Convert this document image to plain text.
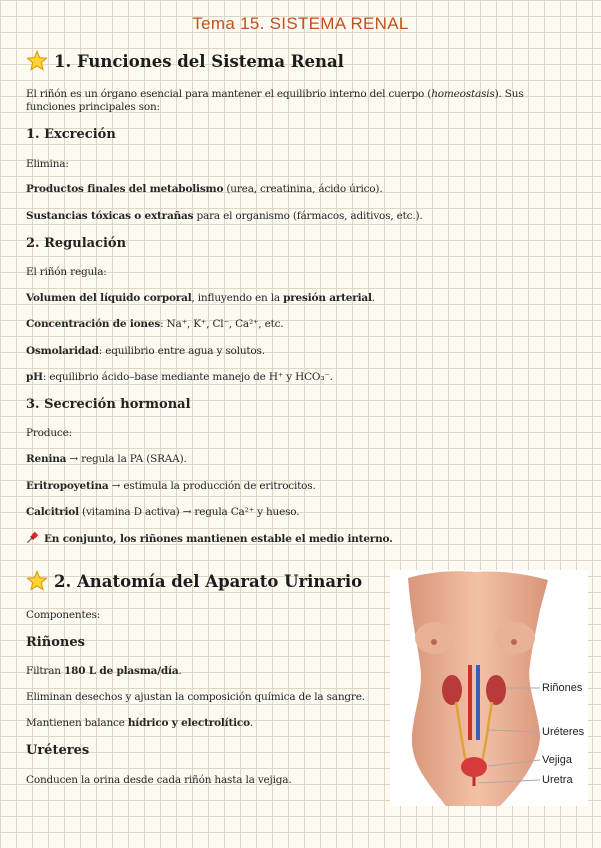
Tema 15. SISTEMA RENAL
1. Funciones del Sistema Renal
El riñón es un órgano esencial para mantener el equilibrio interno del cuerpo (homeostasis). Sus funciones principales son:
1. Excreción
Elimina:
Productos finales del metabolismo (urea, creatinina, ácido úrico).
Sustancias tóxicas o extrañas para el organismo (fármacos, aditivos, etc.).
2. Regulación
El riñón regula:
Volumen del líquido corporal, influyendo en la presión arterial.
Concentración de iones: Na⁺, K⁺, Cl⁻, Ca²⁺, etc.
Osmolaridad: equilibrio entre agua y solutos.
pH: equilibrio ácido–base mediante manejo de H⁺ y HCO₃⁻.
3. Secreción hormonal
Produce:
Renina → regula la PA (SRAA).
Eritropoyetina → estimula la producción de eritrocitos.
Calcitriol (vitamina D activa) → regula Ca²⁺ y hueso.
En conjunto, los riñones mantienen estable el medio interno.
2. Anatomía del Aparato Urinario
Componentes:
Riñones
Filtran 180 L de plasma/día.
Eliminan desechos y ajustan la composición química de la sangre.
Mantienen balance hídrico y electrolítico.
Uréteres
Conducen la orina desde cada riñón hasta la vejiga.
Riñones
Uréteres
Vejiga
Uretra
